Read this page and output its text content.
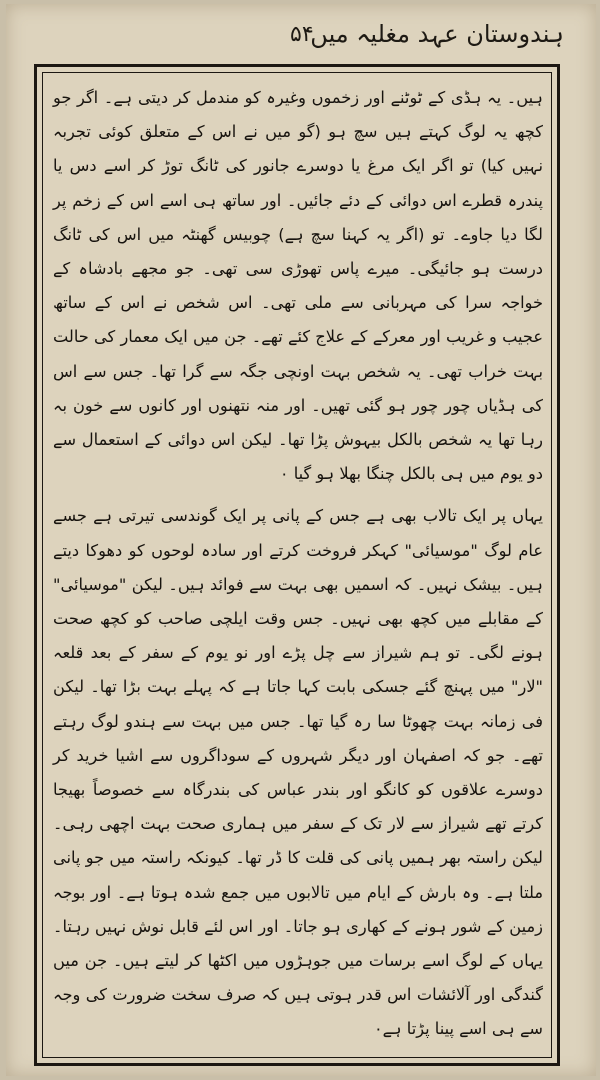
ہندوستان عہد مغلیہ میں
۵۴

ہیں۔ یہ ہڈی کے ٹوٹنے اور زخموں وغیرہ کو مندمل کر دیتی ہے۔ اگر جو کچھ یہ لوگ کہتے ہیں سچ ہو (گو میں نے اس کے متعلق کوئی تجربہ نہیں کیا) تو اگر ایک مرغ یا دوسرے جانور کی ٹانگ توڑ کر اسے دس یا پندرہ قطرے اس دوائی کے دئے جائیں۔ اور ساتھ ہی اسے اس کے زخم پر لگا دیا جاوے۔ تو (اگر یہ کہنا سچ ہے) چوبیس گھنٹہ میں اس کی ٹانگ درست ہو جائیگی۔ میرے پاس تھوڑی سی تھی۔ جو مجھے بادشاہ کے خواجہ سرا کی مہربانی سے ملی تھی۔ اس شخص نے اس کے ساتھ عجیب و غریب اور معرکے کے علاج کئے تھے۔ جن میں ایک معمار کی حالت بہت خراب تھی۔ یہ شخص بہت اونچی جگہ سے گرا تھا۔ جس سے اس کی ہڈیاں چور چور ہو گئی تھیں۔ اور منہ نتھنوں اور کانوں سے خون بہ رہا تھا یہ شخص بالکل بیہوش پڑا تھا۔ لیکن اس دوائی کے استعمال سے دو یوم میں ہی بالکل چنگا بھلا ہو گیا ۰

یہاں پر ایک تالاب بھی ہے جس کے پانی پر ایک گوندسی تیرتی ہے جسے عام لوگ "موسیائی" کہکر فروخت کرتے اور سادہ لوحوں کو دھوکا دیتے ہیں۔ بیشک نہیں۔ کہ اسمیں بھی بہت سے فوائد ہیں۔ لیکن "موسیائی" کے مقابلے میں کچھ بھی نہیں۔ جس وقت ایلچی صاحب کو کچھ صحت ہونے لگی۔ تو ہم شیراز سے چل پڑے اور نو یوم کے سفر کے بعد قلعہ "لار" میں پہنچ گئے جسکی بابت کہا جاتا ہے کہ پہلے بہت بڑا تھا۔ لیکن فی زمانہ بہت چھوٹا سا رہ گیا تھا۔ جس میں بہت سے ہندو لوگ رہتے تھے۔ جو کہ اصفہان اور دیگر شہروں کے سوداگروں سے اشیا خرید کر دوسرے علاقوں کو کانگو اور بندر عباس کی بندرگاہ سے خصوصاً بھیجا کرتے تھے شیراز سے لار تک کے سفر میں ہماری صحت بہت اچھی رہی۔ لیکن راستہ بھر ہمیں پانی کی قلت کا ڈر تھا۔ کیونکہ راستہ میں جو پانی ملتا ہے۔ وہ بارش کے ایام میں تالابوں میں جمع شدہ ہوتا ہے۔ اور بوجہ زمین کے شور ہونے کے کھاری ہو جاتا۔ اور اس لئے قابل نوش نہیں رہتا۔ یہاں کے لوگ اسے برسات میں جوہڑوں میں اکٹھا کر لیتے ہیں۔ جن میں گندگی اور آلائشات اس قدر ہوتی ہیں کہ صرف سخت ضرورت کی وجہ سے ہی اسے پینا پڑتا ہے۰
